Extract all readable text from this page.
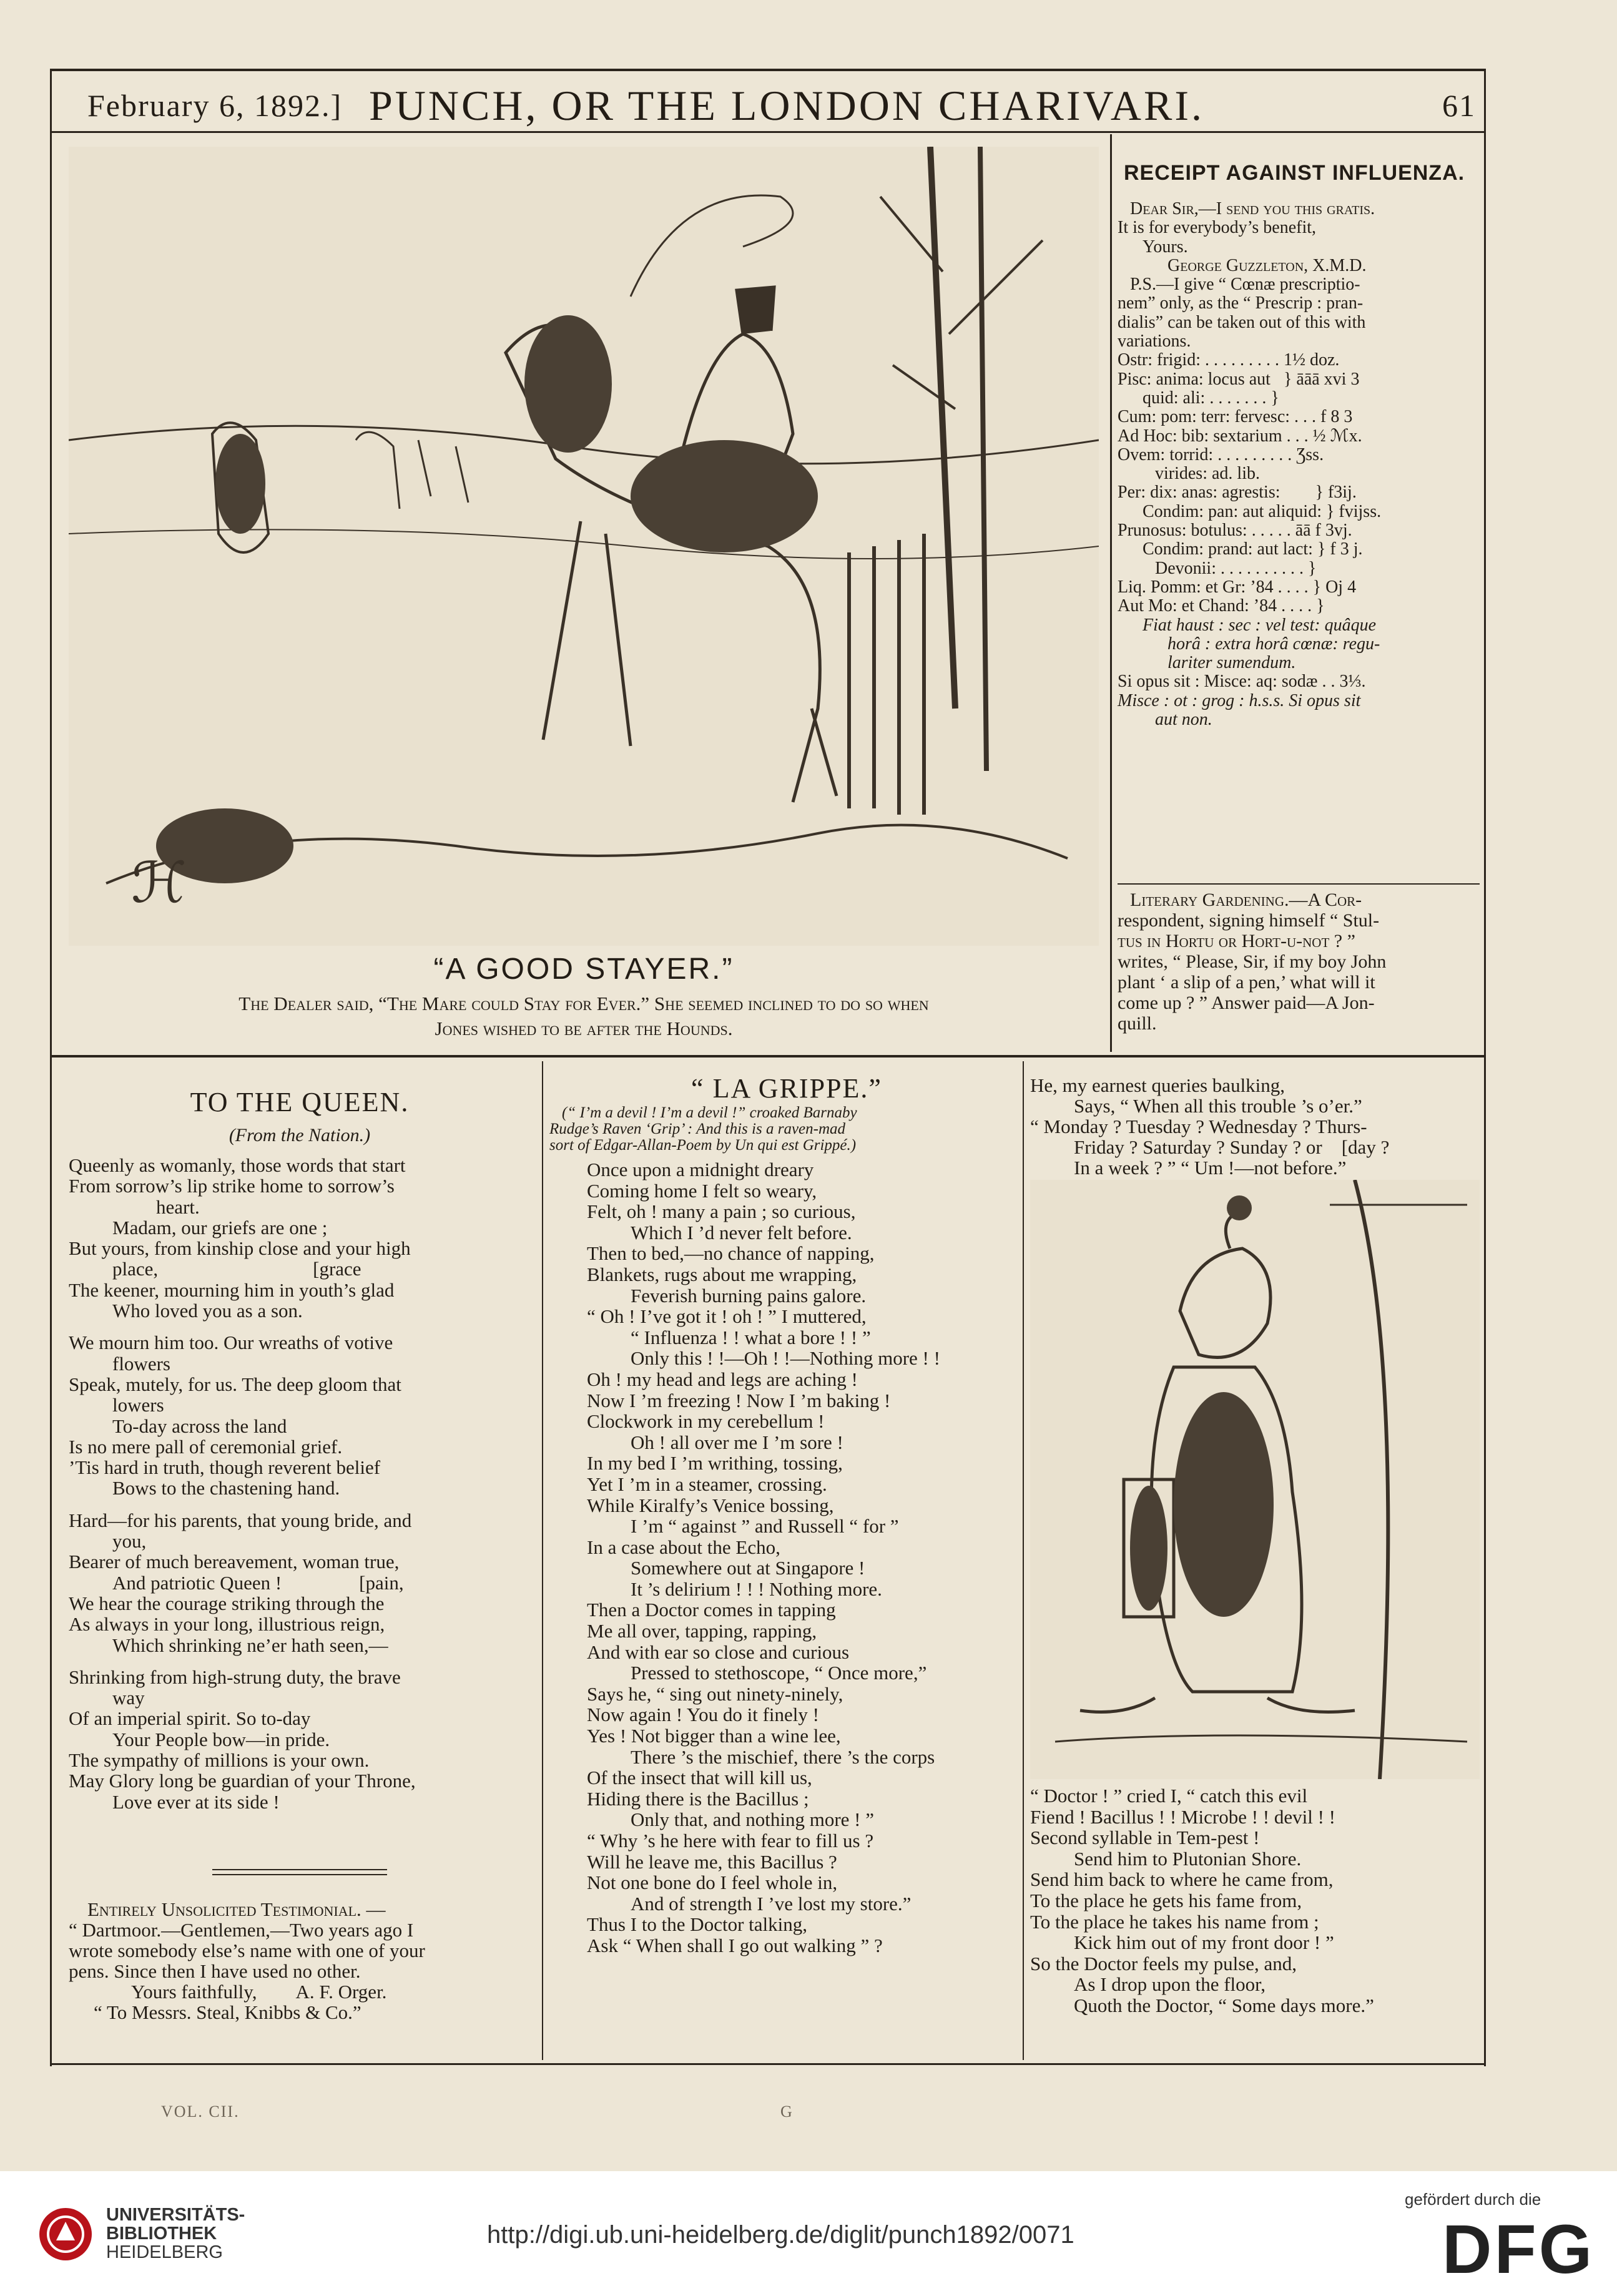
February 6, 1892.] PUNCH, OR THE LONDON CHARIVARI.	61
ℋ
“A GOOD STAYER.”
The Dealer said, “The Mare could Stay for Ever.” She seemed inclined to do so when
Jones wished to be after the Hounds.
RECEIPT AGAINST INFLUENZA.

Dear Sir,—I send you this gratis.

It is for everybody’s benefit,

Yours.

George Guzzleton, X.M.D.

P.S.—I give “ Cœnæ prescriptio-

nem” only, as the “ Prescrip : pran-

dialis” can be taken out of this with

variations.

Ostr: frigid: . . . . . . . . . 1½ doz.

Pisc: anima: locus aut  } āāā xvi 3

quid: ali: . . . . . . . }

Cum: pom: terr: fervesc: . . . f 8 3

Ad Hoc: bib: sextarium . . . ½ ℳx.

Ovem: torrid: . . . . . . . . . Ʒss.

virides: ad. lib.

Per: dix: anas: agrestis:  } f3ij.

Condim: pan: aut aliquid: } fvijss.

Prunosus: botulus: . . . . . āā f 3vj.

Condim: prand: aut lact: } f 3 j.

Devonii: . . . . . . . . . . }

Liq. Pomm: et Gr: ’84 . . . . } Oj 4

Aut Mo: et Chand: ’84 . . . . }

Fiat haust : sec : vel test: quâque

horâ : extra horâ cœnæ: regu-

lariter sumendum.

Si opus sit : Misce: aq: sodæ . . 3⅓.

Misce : ot : grog : h.s.s. Si opus sit

aut non.

Literary Gardening.—A Cor-

respondent, signing himself “ Stul-

tus in Hortu or Hort-u-not ? ”

writes, “ Please, Sir, if my boy John

plant ‘ a slip of a pen,’ what will it

come up ? ” Answer paid—A Jon-

quill.

TO THE QUEEN.
(From the Nation.)

Queenly as womanly, those words that start

From sorrow’s lip strike home to sorrow’s

heart.

Madam, our griefs are one ;

But yours, from kinship close and your high

place,        [grace

The keener, mourning him in youth’s glad

Who loved you as a son.

We mourn him too. Our wreaths of votive

flowers

Speak, mutely, for us. The deep gloom that

lowers

To-day across the land

Is no mere pall of ceremonial grief.

’Tis hard in truth, though reverent belief

Bows to the chastening hand.

Hard—for his parents, that young bride, and

you,

Bearer of much bereavement, woman true,

And patriotic Queen !    [pain,

We hear the courage striking through the

As always in your long, illustrious reign,

Which shrinking ne’er hath seen,—

Shrinking from high-strung duty, the brave

way

Of an imperial spirit. So to-day

Your People bow—in pride.

The sympathy of millions is your own.

May Glory long be guardian of your Throne,

Love ever at its side !

Entirely Unsolicited Testimonial. —

“ Dartmoor.—Gentlemen,—Two years ago I

wrote somebody else’s name with one of your

pens. Since then I have used no other.

Yours faithfully,  A. F. Orger.

“ To Messrs. Steal, Knibbs & Co.”

“ LA GRIPPE.”

(“ I’m a devil ! I’m a devil !” croaked Barnaby

Rudge’s Raven ‘Grip’ : And this is a raven-mad

sort of Edgar-Allan-Poem by Un qui est Grippé.)

Once upon a midnight dreary

Coming home I felt so weary,

Felt, oh ! many a pain ; so curious,

Which I ’d never felt before.

Then to bed,—no chance of napping,

Blankets, rugs about me wrapping,

Feverish burning pains galore.

“ Oh ! I’ve got it ! oh ! ” I muttered,

“ Influenza ! ! what a bore ! ! ”

Only this ! !—Oh ! !—Nothing more ! !

Oh ! my head and legs are aching !

Now I ’m freezing ! Now I ’m baking !

Clockwork in my cerebellum !

Oh ! all over me I ’m sore !

In my bed I ’m writhing, tossing,

Yet I ’m in a steamer, crossing.

While Kiralfy’s Venice bossing,

I ’m “ against ” and Russell “ for ”

In a case about the Echo,

Somewhere out at Singapore !

It ’s delirium ! ! ! Nothing more.

Then a Doctor comes in tapping

Me all over, tapping, rapping,

And with ear so close and curious

Pressed to stethoscope, “ Once more,”

Says he, “ sing out ninety-ninely,

Now again ! You do it finely !

Yes ! Not bigger than a wine lee,

There ’s the mischief, there ’s the corps

Of the insect that will kill us,

Hiding there is the Bacillus ;

Only that, and nothing more ! ”

“ Why ’s he here with fear to fill us ?

Will he leave me, this Bacillus ?

Not one bone do I feel whole in,

And of strength I ’ve lost my store.”

Thus I to the Doctor talking,

Ask “ When shall I go out walking ” ?

He, my earnest queries baulking,

Says, “ When all this trouble ’s o’er.”

“ Monday ? Tuesday ? Wednesday ? Thurs-

Friday ? Saturday ? Sunday ? or [day ?

In a week ? ” “ Um !—not before.”

“ Doctor ! ” cried I, “ catch this evil

Fiend ! Bacillus ! ! Microbe ! ! devil ! !

Second syllable in Tem-pest !

Send him to Plutonian Shore.

Send him back to where he came from,

To the place he gets his fame from,

To the place he takes his name from ;

Kick him out of my front door ! ”

So the Doctor feels my pulse, and,

As I drop upon the floor,

Quoth the Doctor, “ Some days more.”

VOL. CII.	G
UNIVERSITÄTS-
BIBLIOTHEK
HEIDELBERG
http://digi.ub.uni-heidelberg.de/diglit/punch1892/0071
gefördert durch die
DFG
